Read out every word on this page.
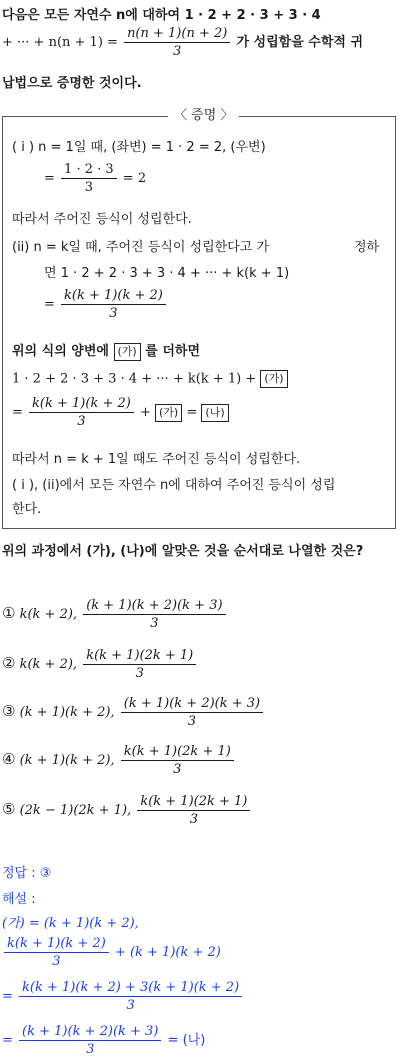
다음은 모든 자연수 n에 대하여 1 · 2 + 2 · 3 + 3 · 4
+ ··· + $n(n + 1) = \frac{n(n + 1)(n + 2)}{3}$ 가 성립함을 수학적 귀
납법으로 증명한 것이다.
〈 증명 〉
( i ) n = 1일 때, (좌변) = 1 · 2 = 2, (우변)
= $\frac{1 \cdot 2 \cdot 3}{3} = 2$
따라서 주어진 등식이 성립한다.
(ii) n = k일 때, 주어진 등식이 성립한다고 가	정하
면 1 · 2 + 2 · 3 + 3 · 4 + ··· + k(k + 1)
= $\frac{k(k + 1)(k + 2)}{3}$
위의 식의 양변에 (가) 를 더하면
1 · 2 + 2 · 3 + 3 · 4 + ··· + k(k + 1) + (가)
= $\frac{k(k + 1)(k + 2)}{3}$ + (가) = (나)
따라서 n = k + 1일 때도 주어진 등식이 성립한다.
( i ), (ii)에서 모든 자연수 n에 대하여 주어진 등식이 성립
한다.
위의 과정에서 (가), (나)에 알맞은 것을 순서대로 나열한 것은?
① k(k + 2), $\frac{(k + 1)(k + 2)(k + 3)}{3}$
② k(k + 2), $\frac{k(k + 1)(2k + 1)}{3}$
③ (k + 1)(k + 2), $\frac{(k + 1)(k + 2)(k + 3)}{3}$
④ (k + 1)(k + 2), $\frac{k(k + 1)(2k + 1)}{3}$
⑤ (2k − 1)(2k + 1), $\frac{k(k + 1)(2k + 1)}{3}$
정답 : ③
해설 :
(가) = (k + 1)(k + 2),
$\frac{k(k + 1)(k + 2)}{3} + (k + 1)(k + 2)$
= $\frac{k(k + 1)(k + 2) + 3(k + 1)(k + 2)}{3}$
= $\frac{(k + 1)(k + 2)(k + 3)}{3}$ = (나)
